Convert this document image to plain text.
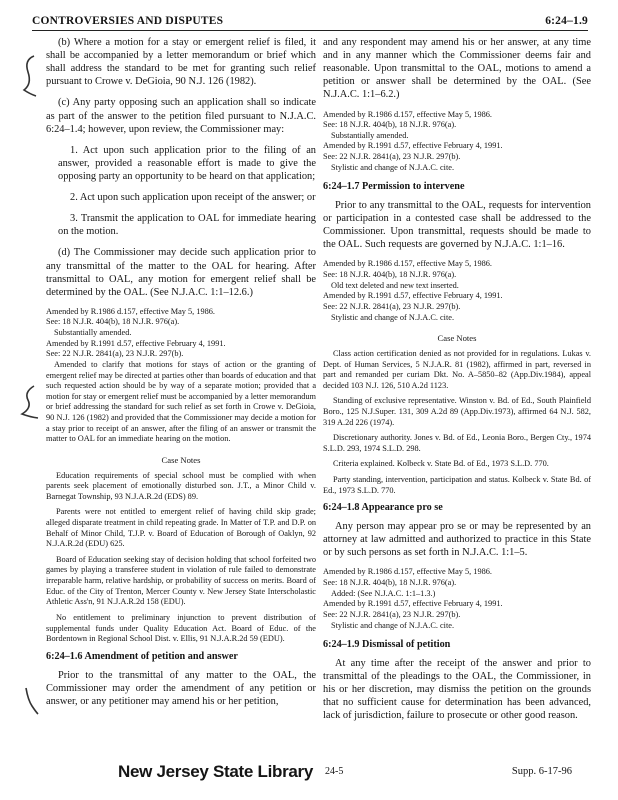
CONTROVERSIES AND DISPUTES	6:24–1.9

(b) Where a motion for a stay or emergent relief is filed, it shall be accompanied by a letter memorandum or brief which shall address the standard to be met for granting such relief pursuant to Crowe v. DeGioia, 90 N.J. 126 (1982).

(c) Any party opposing such an application shall so indicate as part of the answer to the petition filed pursuant to N.J.A.C. 6:24–1.4; however, upon review, the Commissioner may:

1. Act upon such application prior to the filing of an answer, provided a reasonable effort is made to give the opposing party an opportunity to be heard on that application;

2. Act upon such application upon receipt of the answer; or

3. Transmit the application to OAL for immediate hearing on the motion.

(d) The Commissioner may decide such application prior to any transmittal of the matter to the OAL for hearing. After transmittal to OAL, any motion for emergent relief shall be determined by the OAL. (See N.J.A.C. 1:1–12.6.)

Amended by R.1986 d.157, effective May 5, 1986.
See: 18 N.J.R. 404(b), 18 N.J.R. 976(a).
Substantially amended.
Amended by R.1991 d.57, effective February 4, 1991.
See: 22 N.J.R. 2841(a), 23 N.J.R. 297(b).
Amended to clarify that motions for stays of action or the granting of emergent relief may be directed at parties other than boards of education and that such requested action should be by way of a separate motion; provided that a motion for stay or emergent relief must be accompanied by a letter memorandum or brief addressing the standard for such relief as set forth in Crowe v. DeGioia, 90 N.J. 126 (1982) and provided that the Commissioner may decide a motion for a stay prior to receipt of an answer, after the filing of an answer or transmit the matter to OAL for an immediate hearing on the motion.
Case Notes

Education requirements of special school must be complied with when parents seek placement of emotionally disturbed son. J.T., a Minor Child v. Barnegat Township, 93 N.J.A.R.2d (EDS) 89.

Parents were not entitled to emergent relief of having child skip grade; alleged disparate treatment in child repeating grade. In Matter of T.P. and D.P. on Behalf of Minor Child, T.J.P. v. Board of Education of Borough of Oaklyn, 92 N.J.A.R.2d (EDU) 625.

Board of Education seeking stay of decision holding that school forfeited two games by playing a transferee student in violation of rule failed to demonstrate irreparable harm, relative hardship, or probability of success on merits. Board of Educ. of the City of Trenton, Mercer County v. New Jersey State Interscholastic Athletic Ass'n, 91 N.J.A.R.2d 158 (EDU).

No entitlement to preliminary injunction to prevent distribution of supplemental funds under Quality Education Act. Board of Educ. of the Bordentown in Regional School Dist. v. Ellis, 91 N.J.A.R.2d 59 (EDU).

6:24–1.6 Amendment of petition and answer

Prior to the transmittal of any matter to the OAL, the Commissioner may order the amendment of any petition or answer, or any petitioner may amend his or her petition,

and any respondent may amend his or her answer, at any time and in any manner which the Commissioner deems fair and reasonable. Upon transmittal to the OAL, motions to amend a petition or answer shall be determined by the OAL. (See N.J.A.C. 1:1–6.2.)

Amended by R.1986 d.157, effective May 5, 1986.
See: 18 N.J.R. 404(b), 18 N.J.R. 976(a).
Substantially amended.
Amended by R.1991 d.57, effective February 4, 1991.
See: 22 N.J.R. 2841(a), 23 N.J.R. 297(b).
Stylistic and change of N.J.A.C. cite.
6:24–1.7 Permission to intervene

Prior to any transmittal to the OAL, requests for intervention or participation in a contested case shall be addressed to the Commissioner. Upon transmittal, requests should be made to the OAL. Such requests are governed by N.J.A.C. 1:1–16.

Amended by R.1986 d.157, effective May 5, 1986.
See: 18 N.J.R. 404(b), 18 N.J.R. 976(a).
Old text deleted and new text inserted.
Amended by R.1991 d.57, effective February 4, 1991.
See: 22 N.J.R. 2841(a), 23 N.J.R. 297(b).
Stylistic and change of N.J.A.C. cite.
Case Notes

Class action certification denied as not provided for in regulations. Lukas v. Dept. of Human Services, 5 N.J.A.R. 81 (1982), affirmed in part, reversed in part and remanded per curiam Dkt. No. A–5850–82 (App.Div.1984), appeal decided 103 N.J. 126, 510 A.2d 1123.

Standing of exclusive representative. Winston v. Bd. of Ed., South Plainfield Boro., 125 N.J.Super. 131, 309 A.2d 89 (App.Div.1973), affirmed 64 N.J. 582, 319 A.2d 226 (1974).

Discretionary authority. Jones v. Bd. of Ed., Leonia Boro., Bergen Cty., 1974 S.L.D. 293, 1974 S.L.D. 298.

Criteria explained. Kolbeck v. State Bd. of Ed., 1973 S.L.D. 770.

Party standing, intervention, participation and status. Kolbeck v. State Bd. of Ed., 1973 S.L.D. 770.

6:24–1.8 Appearance pro se

Any person may appear pro se or may be represented by an attorney at law admitted and authorized to practice in this State or by such persons as set forth in N.J.A.C. 1:1–5.

Amended by R.1986 d.157, effective May 5, 1986.
See: 18 N.J.R. 404(b), 18 N.J.R. 976(a).
Added: (See N.J.A.C. 1:1–1.3.)
Amended by R.1991 d.57, effective February 4, 1991.
See: 22 N.J.R. 2841(a), 23 N.J.R. 297(b).
Stylistic and change of N.J.A.C. cite.
6:24–1.9 Dismissal of petition

At any time after the receipt of the answer and prior to transmittal of the pleadings to the OAL, the Commissioner, in his or her discretion, may dismiss the petition on the grounds that no sufficient cause for determination has been advanced, lack of jurisdiction, failure to prosecute or other good reason.

New Jersey State Library 24-5	Supp. 6-17-96
